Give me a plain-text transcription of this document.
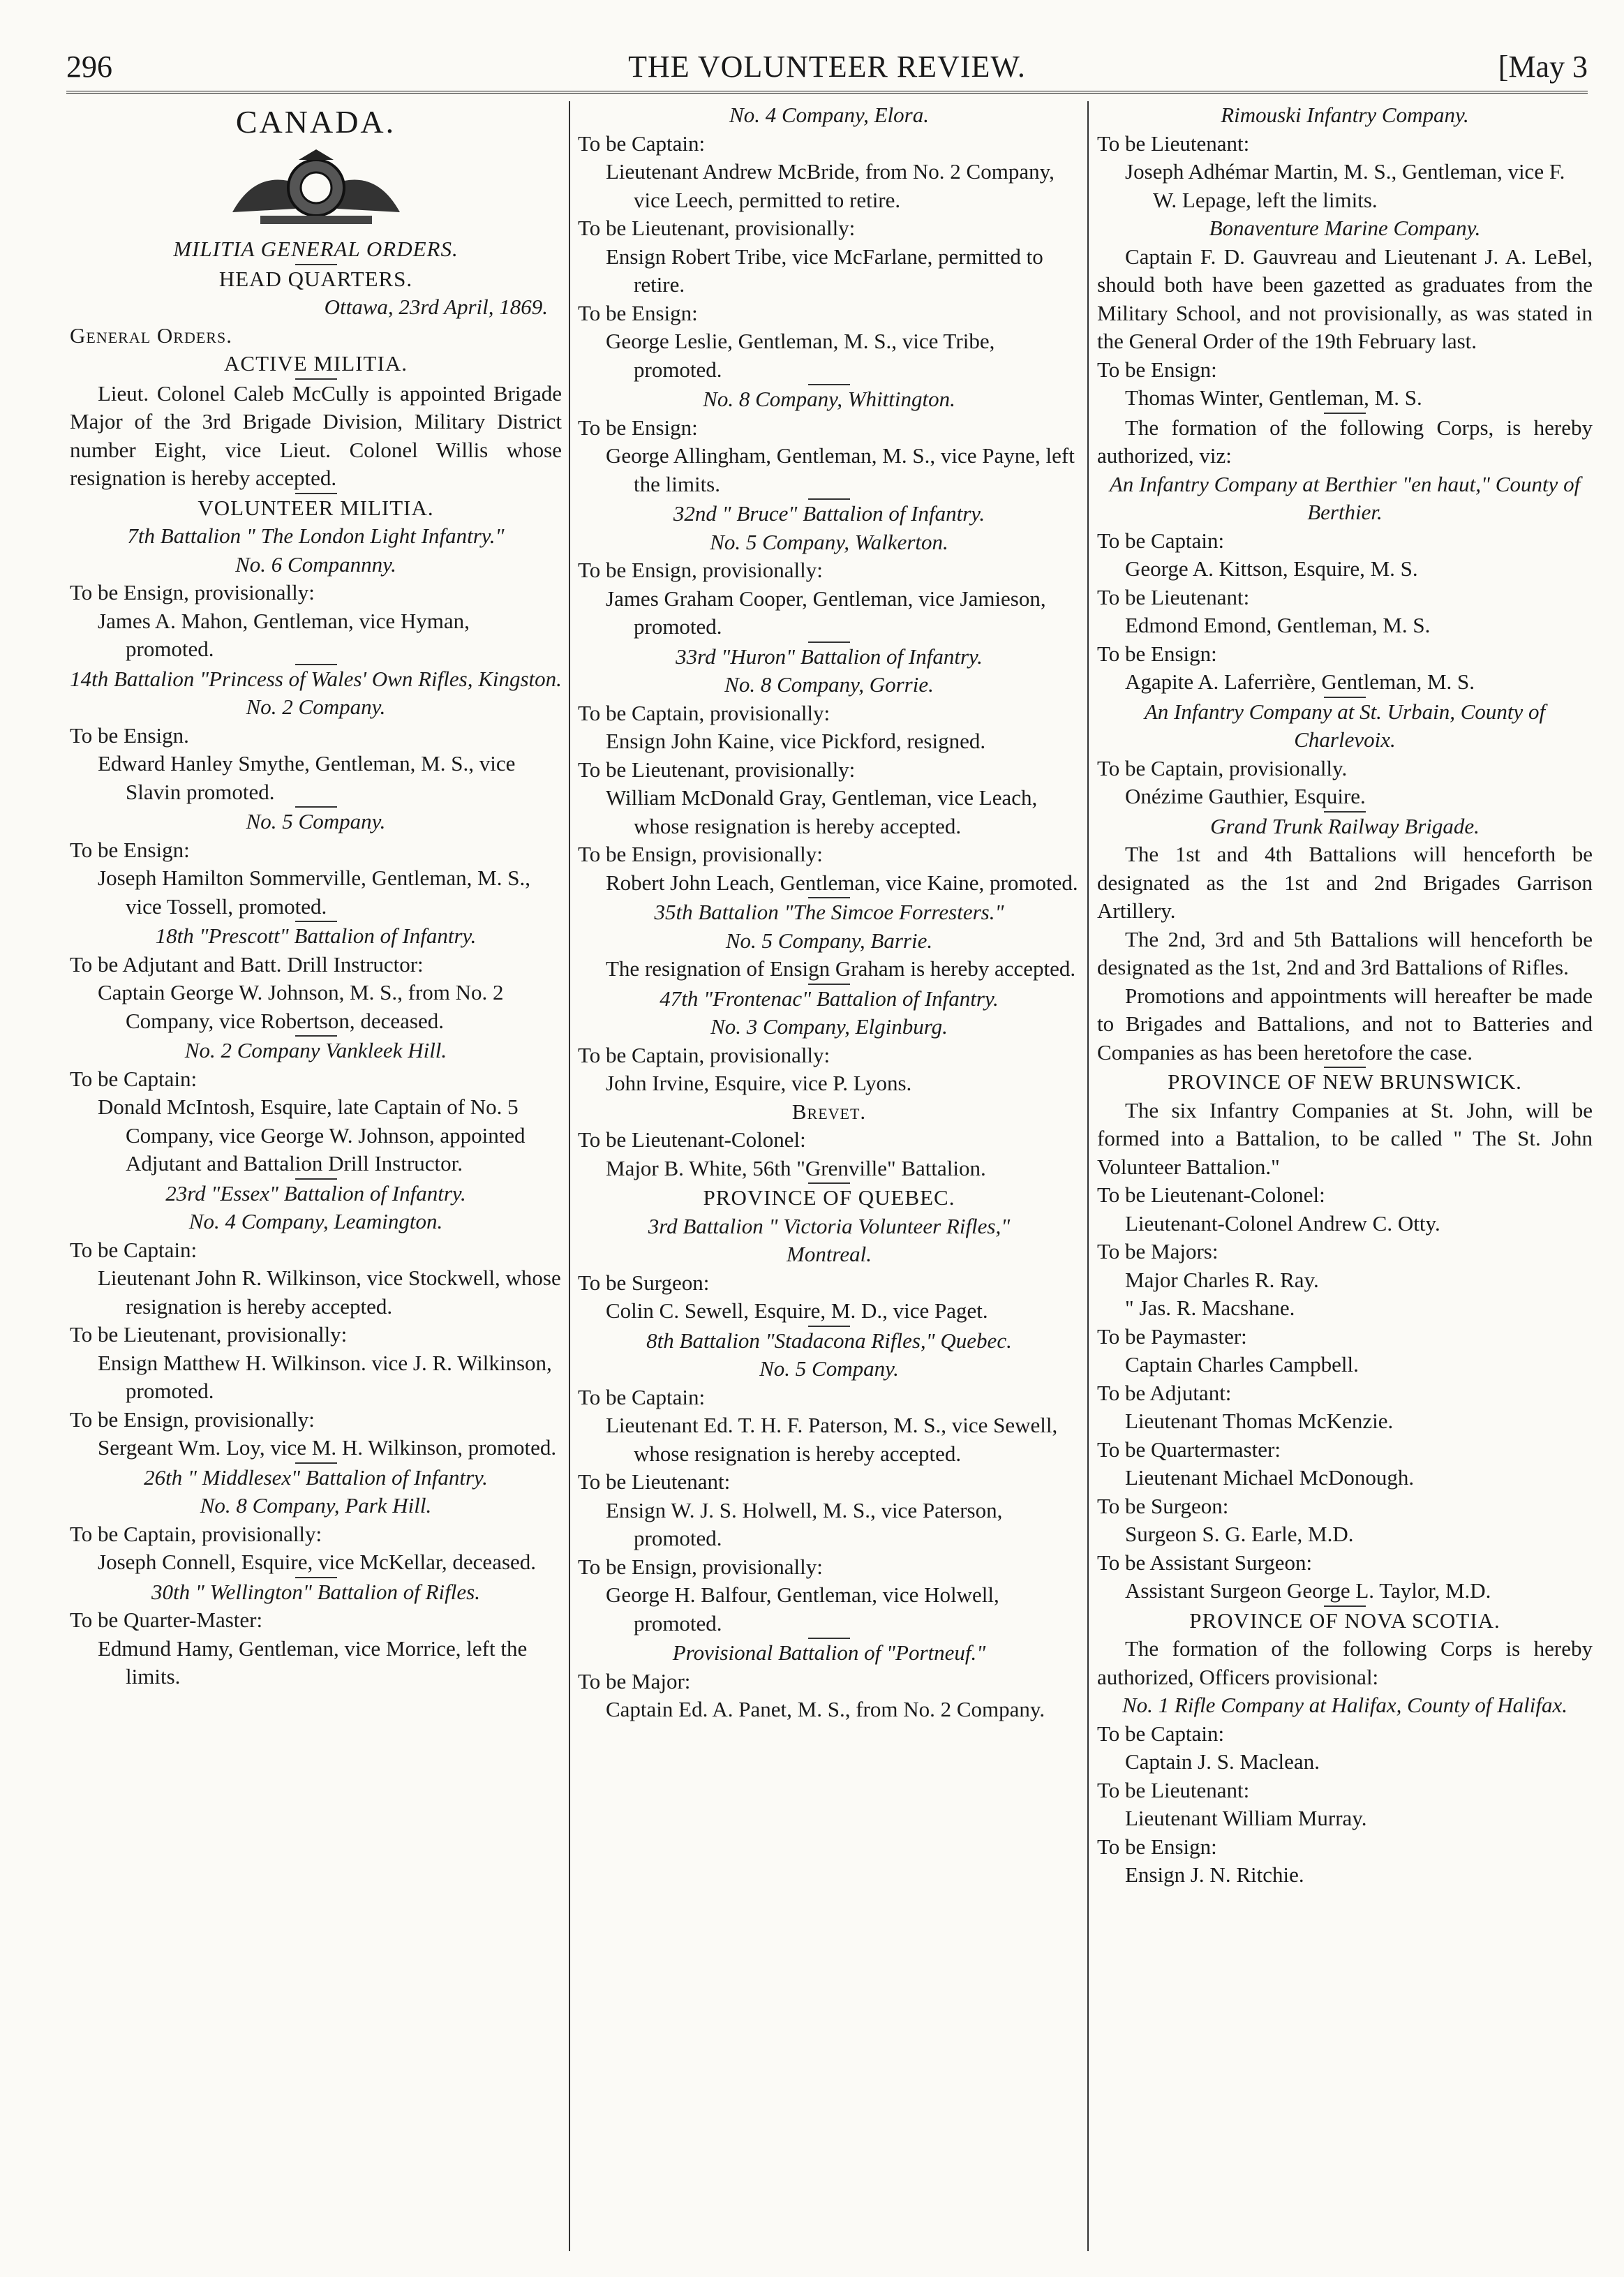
296	THE VOLUNTEER REVIEW.	[May 3

CANADA.

MILITIA GENERAL ORDERS.

HEAD QUARTERS.

Ottawa, 23rd April, 1869.

General Orders.

ACTIVE MILITIA.

Lieut. Colonel Caleb McCully is appointed Brigade Major of the 3rd Brigade Division, Military District number Eight, vice Lieut. Colonel Willis whose resignation is hereby accepted.

VOLUNTEER MILITIA.

7th Battalion " The London Light Infantry."

No. 6 Compannny.

To be Ensign, provisionally:

James A. Mahon, Gentleman, vice Hyman, promoted.

14th Battalion "Princess of Wales' Own Rifles, Kingston.

No. 2 Company.

To be Ensign.

Edward Hanley Smythe, Gentleman, M. S., vice Slavin promoted.

No. 5 Company.

To be Ensign:

Joseph Hamilton Sommerville, Gentleman, M. S., vice Tossell, promoted.

18th "Prescott" Battalion of Infantry.

To be Adjutant and Batt. Drill Instructor:

Captain George W. Johnson, M. S., from No. 2 Company, vice Robertson, deceased.

No. 2 Company Vankleek Hill.

To be Captain:

Donald McIntosh, Esquire, late Captain of No. 5 Company, vice George W. Johnson, appointed Adjutant and Battalion Drill Instructor.

23rd "Essex" Battalion of Infantry.

No. 4 Company, Leamington.

To be Captain:

Lieutenant John R. Wilkinson, vice Stockwell, whose resignation is hereby accepted.

To be Lieutenant, provisionally:

Ensign Matthew H. Wilkinson. vice J. R. Wilkinson, promoted.

To be Ensign, provisionally:

Sergeant Wm. Loy, vice M. H. Wilkinson, promoted.

26th " Middlesex" Battalion of Infantry.

No. 8 Company, Park Hill.

To be Captain, provisionally:

Joseph Connell, Esquire, vice McKellar, deceased.

30th " Wellington" Battalion of Rifles.

To be Quarter-Master:

Edmund Hamy, Gentleman, vice Morrice, left the limits.

No. 4 Company, Elora.

To be Captain:

Lieutenant Andrew McBride, from No. 2 Company, vice Leech, permitted to retire.

To be Lieutenant, provisionally:

Ensign Robert Tribe, vice McFarlane, permitted to retire.

To be Ensign:

George Leslie, Gentleman, M. S., vice Tribe, promoted.

No. 8 Company, Whittington.

To be Ensign:

George Allingham, Gentleman, M. S., vice Payne, left the limits.

32nd " Bruce" Battalion of Infantry.

No. 5 Company, Walkerton.

To be Ensign, provisionally:

James Graham Cooper, Gentleman, vice Jamieson, promoted.

33rd "Huron" Battalion of Infantry.

No. 8 Company, Gorrie.

To be Captain, provisionally:

Ensign John Kaine, vice Pickford, resigned.

To be Lieutenant, provisionally:

William McDonald Gray, Gentleman, vice Leach, whose resignation is hereby accepted.

To be Ensign, provisionally:

Robert John Leach, Gentleman, vice Kaine, promoted.

35th Battalion "The Simcoe Forresters."

No. 5 Company, Barrie.

The resignation of Ensign Graham is hereby accepted.

47th "Frontenac" Battalion of Infantry.

No. 3 Company, Elginburg.

To be Captain, provisionally:

John Irvine, Esquire, vice P. Lyons.

Brevet.

To be Lieutenant-Colonel:

Major B. White, 56th "Grenville" Battalion.

PROVINCE OF QUEBEC.

3rd Battalion " Victoria Volunteer Rifles,"

Montreal.

To be Surgeon:

Colin C. Sewell, Esquire, M. D., vice Paget.

8th Battalion "Stadacona Rifles," Quebec.

No. 5 Company.

To be Captain:

Lieutenant Ed. T. H. F. Paterson, M. S., vice Sewell, whose resignation is hereby accepted.

To be Lieutenant:

Ensign W. J. S. Holwell, M. S., vice Paterson, promoted.

To be Ensign, provisionally:

George H. Balfour, Gentleman, vice Holwell, promoted.

Provisional Battalion of "Portneuf."

To be Major:

Captain Ed. A. Panet, M. S., from No. 2 Company.

Rimouski Infantry Company.

To be Lieutenant:

Joseph Adhémar Martin, M. S., Gentleman, vice F. W. Lepage, left the limits.

Bonaventure Marine Company.

Captain F. D. Gauvreau and Lieutenant J. A. LeBel, should both have been gazetted as graduates from the Military School, and not provisionally, as was stated in the General Order of the 19th February last.

To be Ensign:

Thomas Winter, Gentleman, M. S.

The formation of the following Corps, is hereby authorized, viz:

An Infantry Company at Berthier "en haut," County of Berthier.

To be Captain:

George A. Kittson, Esquire, M. S.

To be Lieutenant:

Edmond Emond, Gentleman, M. S.

To be Ensign:

Agapite A. Laferrière, Gentleman, M. S.

An Infantry Company at St. Urbain, County of Charlevoix.

To be Captain, provisionally.

Onézime Gauthier, Esquire.

Grand Trunk Railway Brigade.

The 1st and 4th Battalions will henceforth be designated as the 1st and 2nd Brigades Garrison Artillery.

The 2nd, 3rd and 5th Battalions will henceforth be designated as the 1st, 2nd and 3rd Battalions of Rifles.

Promotions and appointments will hereafter be made to Brigades and Battalions, and not to Batteries and Companies as has been heretofore the case.

PROVINCE OF NEW BRUNSWICK.

The six Infantry Companies at St. John, will be formed into a Battalion, to be called " The St. John Volunteer Battalion."

To be Lieutenant-Colonel:

Lieutenant-Colonel Andrew C. Otty.

To be Majors:

Major Charles R. Ray.

" Jas. R. Macshane.

To be Paymaster:

Captain Charles Campbell.

To be Adjutant:

Lieutenant Thomas McKenzie.

To be Quartermaster:

Lieutenant Michael McDonough.

To be Surgeon:

Surgeon S. G. Earle, M.D.

To be Assistant Surgeon:

Assistant Surgeon George L. Taylor, M.D.

PROVINCE OF NOVA SCOTIA.

The formation of the following Corps is hereby authorized, Officers provisional:

No. 1 Rifle Company at Halifax, County of Halifax.

To be Captain:

Captain J. S. Maclean.

To be Lieutenant:

Lieutenant William Murray.

To be Ensign:

Ensign J. N. Ritchie.
